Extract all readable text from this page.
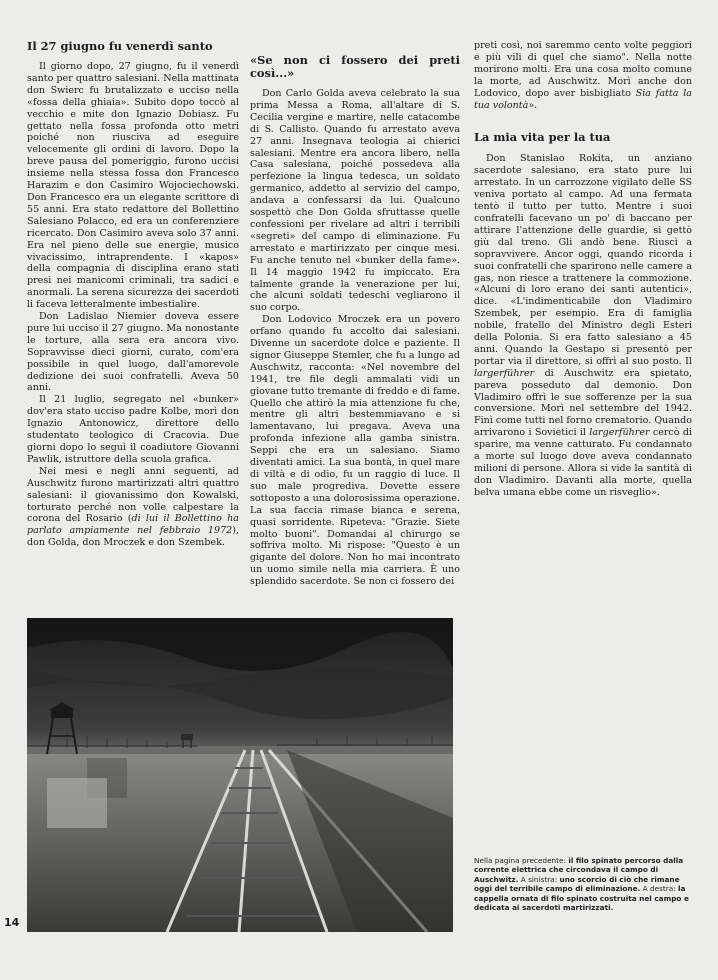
Il 27 giugno fu venerdì santo

Il giorno dopo, 27 giugno, fu il venerdì santo per quattro salesiani. Nella mattinata don Swierc fu brutalizzato e ucciso nella «fossa della ghiaia». Subito dopo toccò al vecchio e mite don Ignazio Dobiasz. Fu gettato nella fossa profonda otto metri poiché non riusciva ad eseguire velocemente gli ordini di lavoro. Dopo la breve pausa del pomeriggio, furono uccisi insieme nella stessa fossa don Francesco Harazim e don Casimiro Wojociechowski. Don Francesco era un elegante scrittore di 55 anni. Era stato redattore del Bollettino Salesiano Polacco, ed era un conferenziere ricercato. Don Casimiro aveva solo 37 anni. Era nel pieno delle sue energie, musico vivacissimo, intraprendente. I «kapos» della compagnia di disciplina erano stati presi nei manicomi criminali, tra sadici e anormali. La serena sicurezza dei sacerdoti li faceva letteralmente imbestialire.

Don Ladislao Niemier doveva essere pure lui ucciso il 27 giugno. Ma nonostante le torture, alla sera era ancora vivo. Sopravvisse dieci giorni, curato, com'era possibile in quel luogo, dall'amorevole dedizione dei suoi confratelli. Aveva 50 anni.

Il 21 luglio, segregato nel «bunker» dov'era stato ucciso padre Kolbe, morì don Ignazio Antonowicz, direttore dello studentato teologico di Cracovia. Due giorni dopo lo seguì il coadiutore Giovanni Pawlik, istruttore della scuola grafica.

Nei mesi e negli anni seguenti, ad Auschwitz furono martirizzati altri quattro salesiani: il giovanissimo don Kowalski, torturato perché non volle calpestare la corona del Rosario (di lui il Bollettino ha parlato ampiamente nel febbraio 1972), don Golda, don Mroczek e don Szembek.

«Se non ci fossero dei preti così...»

Don Carlo Golda aveva celebrato la sua prima Messa a Roma, all'altare di S. Cecilia vergine e martire, nelle catacombe di S. Callisto. Quando fu arrestato aveva 27 anni. Insegnava teologia ai chierici salesiani. Mentre era ancora libero, nella Casa salesiana, poiché possedeva alla perfezione la lingua tedesca, un soldato germanico, addetto al servizio del campo, andava a confessarsi da lui. Qualcuno sospettò che Don Golda sfruttasse quelle confessioni per rivelare ad altri i terribili «segreti» del campo di eliminazione. Fu arrestato e martirizzato per cinque mesi. Fu anche tenuto nel «bunker della fame». Il 14 maggio 1942 fu impiccato. Era talmente grande la venerazione per lui, che alcuni soldati tedeschi vegliarono il suo corpo.

Don Lodovico Mroczek era un povero orfano quando fu accolto dai salesiani. Divenne un sacerdote dolce e paziente. Il signor Giuseppe Stemler, che fu a lungo ad Auschwitz, racconta: «Nel novembre del 1941, tre file degli ammalati vidi un giovane tutto tremante di freddo e di fame. Quello che attirò la mia attenzione fu che, mentre gli altri bestemmiavano e si lamentavano, lui pregava. Aveva una profonda infezione alla gamba sinistra. Seppi che era un salesiano. Siamo diventati amici. La sua bontà, in quel mare di viltà e di odio, fu un raggio di luce. Il suo male progrediva. Dovette essere sottoposto a una dolorosissima operazione. La sua faccia rimase bianca e serena, quasi sorridente. Ripeteva: "Grazie. Siete molto buoni". Domandai al chirurgo se soffriva molto. Mi rispose: "Questo è un gigante del dolore. Non ho mai incontrato un uomo simile nella mia carriera. È uno splendido sacerdote. Se non ci fossero dei

preti così, noi saremmo cento volte peggiori e più vili di quel che siamo". Nella notte morirono molti. Era una cosa molto comune la morte, ad Auschwitz. Morì anche don Lodovico, dopo aver bisbigliato Sia fatta la tua volontà».

La mia vita per la tua

Don Stanislao Rokita, un anziano sacerdote salesiano, era stato pure lui arrestato. In un carrozzone vigilato delle SS veniva portato al campo. Ad una fermata tentò il tutto per tutto. Mentre i suoi confratelli facevano un po' di baccano per attirare l'attenzione delle guardie, si gettò giù dal treno. Gli andò bene. Riuscì a sopravvivere. Ancor oggi, quando ricorda i suoi confratelli che sparirono nelle camere a gas, non riesce a trattenere la commozione. «Alcuni di loro erano dei santi autentici», dice. «L'indimenticabile don Vladimiro Szembek, per esempio. Era di famiglia nobile, fratello del Ministro degli Esteri della Polonia. Si era fatto salesiano a 45 anni. Quando la Gestapo si presentò per portar via il direttore, si offrì al suo posto. Il largerführer di Auschwitz era spietato, pareva posseduto dal demonio. Don Vladimiro offrì le sue sofferenze per la sua conversione. Morì nel settembre del 1942. Finì come tutti nel forno crematorio. Quando arrivarono i Sovietici il largerführer cercò di sparire, ma venne catturato. Fu condannato a morte sul luogo dove aveva condannato milioni di persone. Allora si vide la santità di don Vladimiro. Davanti alla morte, quella belva umana ebbe come un risveglio».

Nella pagina precedente: il filo spinato percorso dalla corrente elettrica che circondava il campo di Auschwitz. A sinistra: uno scorcio di ciò che rimane oggi del terribile campo di eliminazione. A destra: la cappella ornata di filo spinato costruita nel campo e dedicata ai sacerdoti martirizzati.
14
